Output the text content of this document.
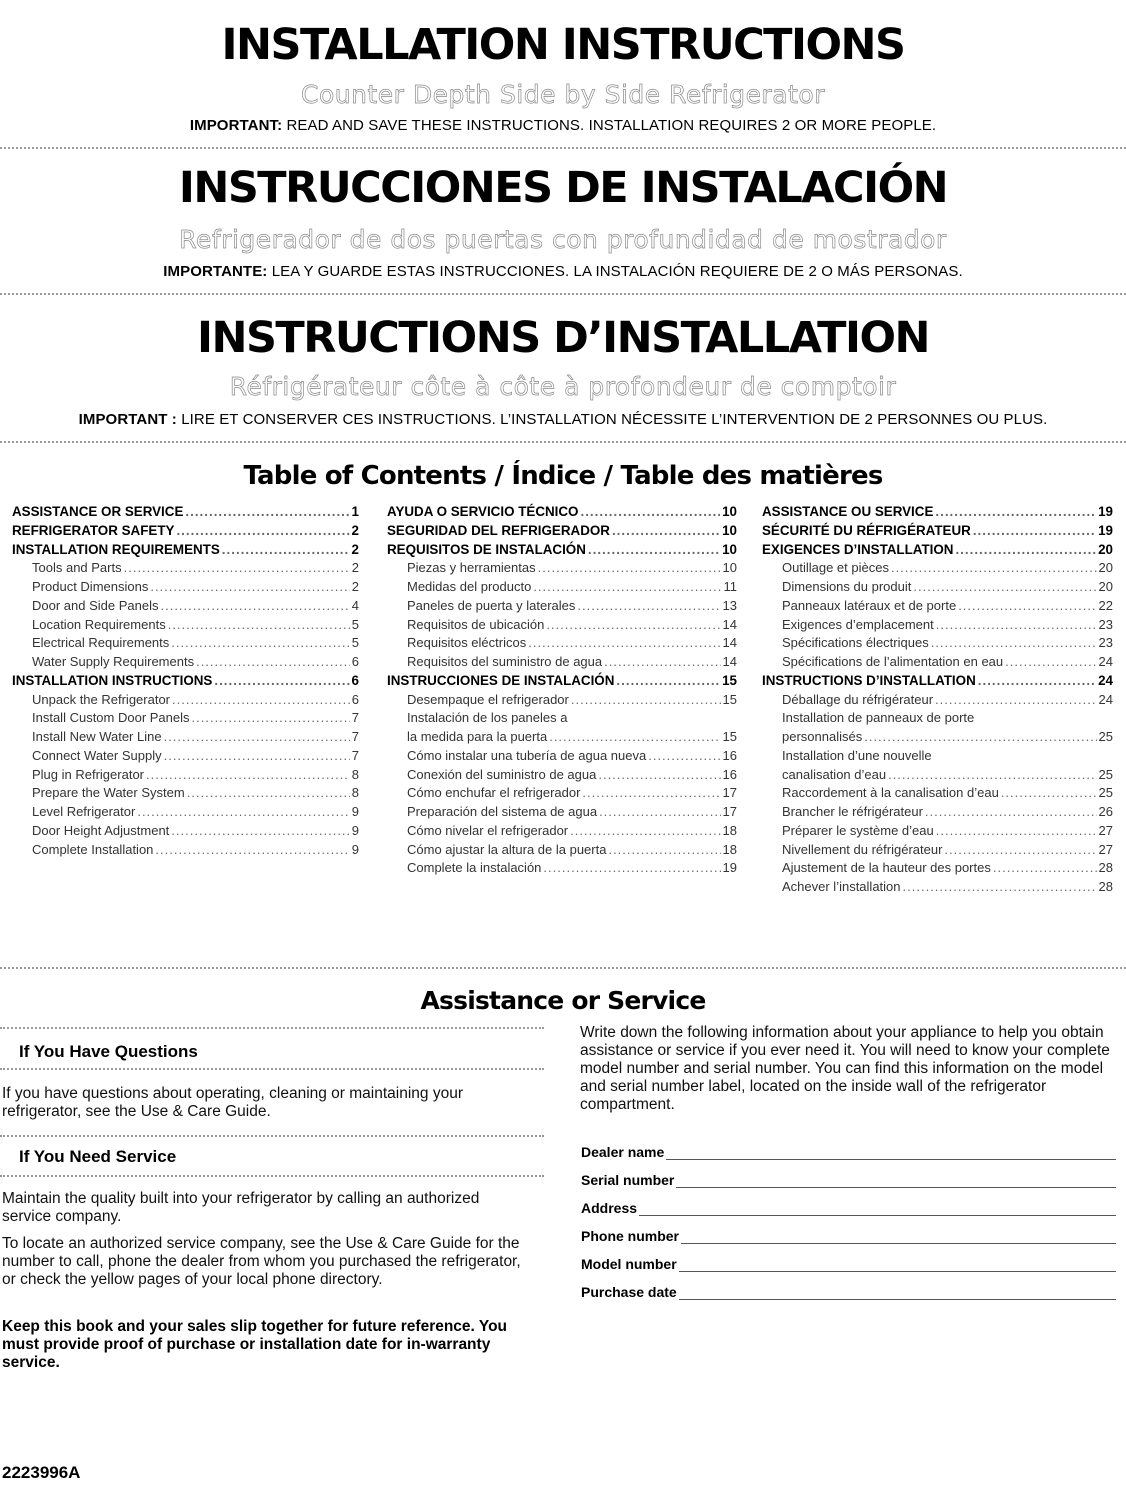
INSTALLATION INSTRUCTIONS
Counter Depth Side by Side Refrigerator
IMPORTANT: READ AND SAVE THESE INSTRUCTIONS. INSTALLATION REQUIRES 2 OR MORE PEOPLE.
INSTRUCCIONES DE INSTALACIÓN
Refrigerador de dos puertas con profundidad de mostrador
IMPORTANTE: LEA Y GUARDE ESTAS INSTRUCCIONES. LA INSTALACIÓN REQUIERE DE 2 O MÁS PERSONAS.
INSTRUCTIONS D’INSTALLATION
Réfrigérateur côte à côte à profondeur de comptoir
IMPORTANT : LIRE ET CONSERVER CES INSTRUCTIONS. L’INSTALLATION NÉCESSITE L’INTERVENTION DE 2 PERSONNES OU PLUS.
Table of Contents / Índice / Table des matières
ASSISTANCE OR SERVICE .....	1
REFRIGERATOR SAFETY .....	2
INSTALLATION REQUIREMENTS .....	2
Tools and Parts .....	2
Product Dimensions .....	2
Door and Side Panels .....	4
Location Requirements .....	5
Electrical Requirements .....	5
Water Supply Requirements .....	6
INSTALLATION INSTRUCTIONS .....	6
Unpack the Refrigerator .....	6
Install Custom Door Panels .....	7
Install New Water Line .....	7
Connect Water Supply .....	7
Plug in Refrigerator .....	8
Prepare the Water System .....	8
Level Refrigerator .....	9
Door Height Adjustment .....	9
Complete Installation .....	9
AYUDA O SERVICIO TÉCNICO .....	10
SEGURIDAD DEL REFRIGERADOR .....	10
REQUISITOS DE INSTALACIÓN .....	10
Piezas y herramientas .....	10
Medidas del producto .....	11
Paneles de puerta y laterales .....	13
Requisitos de ubicación .....	14
Requisitos eléctricos .....	14
Requisitos del suministro de agua .....	14
INSTRUCCIONES DE INSTALACIÓN .....	15
Desempaque el refrigerador .....	15
Instalación de los paneles a
la medida para la puerta .....	15
Cómo instalar una tubería de agua nueva .....	16
Conexión del suministro de agua .....	16
Cómo enchufar el refrigerador .....	17
Preparación del sistema de agua .....	17
Cómo nivelar el refrigerador .....	18
Cómo ajustar la altura de la puerta .....	18
Complete la instalación .....	19
ASSISTANCE OU SERVICE .....	19
SÉCURITÉ DU RÉFRIGÉRATEUR .....	19
EXIGENCES D’INSTALLATION .....	20
Outillage et pièces .....	20
Dimensions du produit .....	20
Panneaux latéraux et de porte .....	22
Exigences d’emplacement .....	23
Spécifications électriques .....	23
Spécifications de l’alimentation en eau .....	24
INSTRUCTIONS D’INSTALLATION .....	24
Déballage du réfrigérateur .....	24
Installation de panneaux de porte
personnalisés .....	25
Installation d’une nouvelle
canalisation d’eau .....	25
Raccordement à la canalisation d’eau .....	25
Brancher le réfrigérateur .....	26
Préparer le système d’eau .....	27
Nivellement du réfrigérateur .....	27
Ajustement de la hauteur des portes .....	28
Achever l’installation .....	28
Assistance or Service
If You Have Questions
If you have questions about operating, cleaning or maintaining your refrigerator, see the Use & Care Guide.
If You Need Service
Maintain the quality built into your refrigerator by calling an authorized service company.
To locate an authorized service company, see the Use & Care Guide for the number to call, phone the dealer from whom you purchased the refrigerator, or check the yellow pages of your local phone directory.
Keep this book and your sales slip together for future reference. You must provide proof of purchase or installation date for in-warranty service.
Write down the following information about your appliance to help you obtain assistance or service if you ever need it. You will need to know your complete model number and serial number. You can find this information on the model and serial number label, located on the inside wall of the refrigerator compartment.
Dealer name
Serial number
Address
Phone number
Model number
Purchase date
2223996A
